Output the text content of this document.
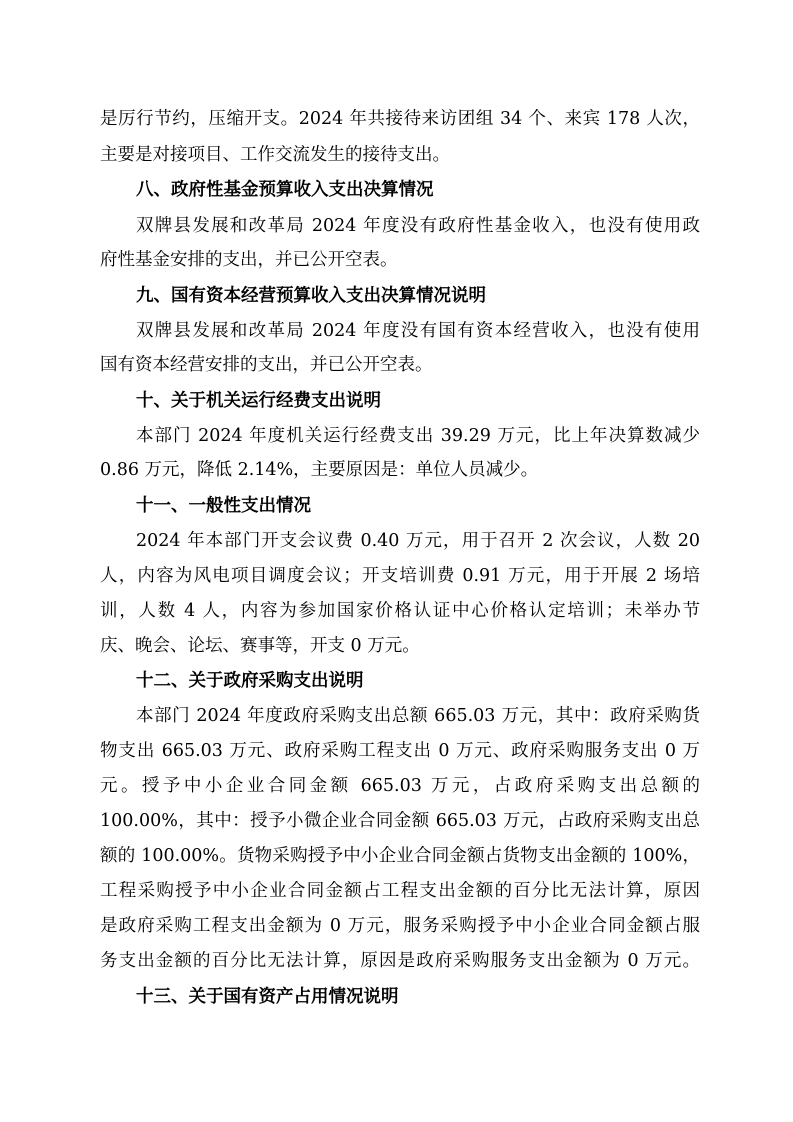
是厉行节约，压缩开支。2024 年共接待来访团组 34 个、来宾 178 人次，
主要是对接项目、工作交流发生的接待支出。
八、政府性基金预算收入支出决算情况
双牌县发展和改革局 2024 年度没有政府性基金收入，也没有使用政
府性基金安排的支出，并已公开空表。
九、国有资本经营预算收入支出决算情况说明
双牌县发展和改革局 2024 年度没有国有资本经营收入，也没有使用
国有资本经营安排的支出，并已公开空表。
十、关于机关运行经费支出说明
本部门 2024 年度机关运行经费支出 39.29 万元，比上年决算数减少
0.86 万元，降低 2.14%，主要原因是：单位人员减少。
十一、一般性支出情况
2024 年本部门开支会议费 0.40 万元，用于召开 2 次会议，人数 20
人，内容为风电项目调度会议；开支培训费 0.91 万元，用于开展 2 场培
训，人数 4 人，内容为参加国家价格认证中心价格认定培训；未举办节
庆、晚会、论坛、赛事等，开支 0 万元。
十二、关于政府采购支出说明
本部门 2024 年度政府采购支出总额 665.03 万元，其中：政府采购货
物支出 665.03 万元、政府采购工程支出 0 万元、政府采购服务支出 0 万
元。授予中小企业合同金额 665.03 万元，占政府采购支出总额的
100.00%，其中：授予小微企业合同金额 665.03 万元，占政府采购支出总
额的 100.00%。货物采购授予中小企业合同金额占货物支出金额的 100%，
工程采购授予中小企业合同金额占工程支出金额的百分比无法计算，原因
是政府采购工程支出金额为 0 万元，服务采购授予中小企业合同金额占服
务支出金额的百分比无法计算，原因是政府采购服务支出金额为 0 万元。
十三、关于国有资产占用情况说明
